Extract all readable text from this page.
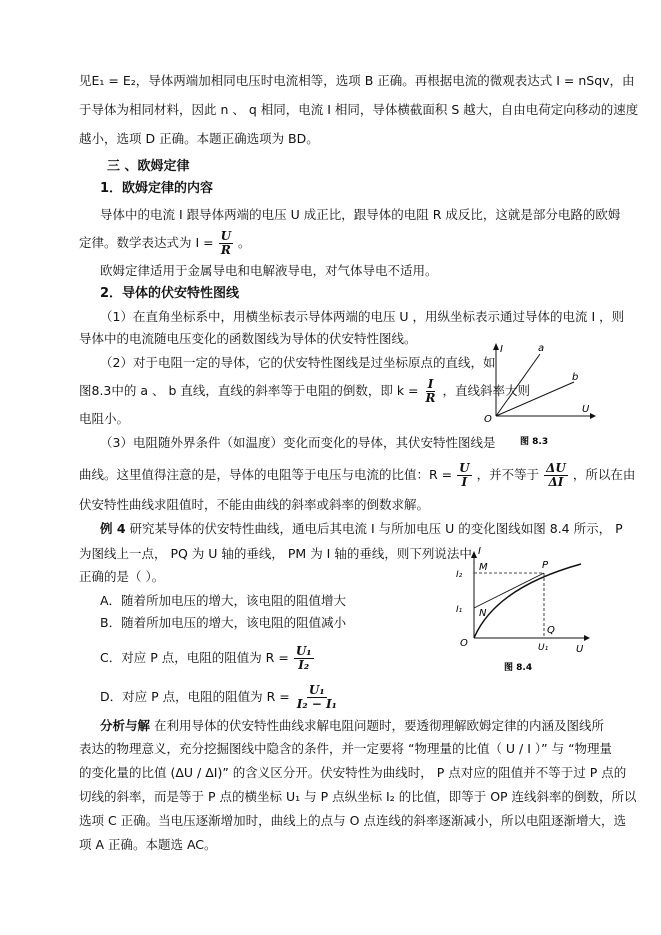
见E₁ = E₂，导体两端加相同电压时电流相等，选项 B 正确。再根据电流的微观表达式 I = nSqv，由
于导体为相同材料，因此 n 、 q 相同，电流 I 相同，导体横截面积 S 越大，自由电荷定向移动的速度
越小，选项 D 正确。本题正确选项为 BD。
三 、欧姆定律
1．欧姆定律的内容
导体中的电流 I 跟导体两端的电压 U 成正比，跟导体的电阻 R 成反比，这就是部分电路的欧姆
定律。数学表达式为 $I = \frac{U}{R}$ 。
欧姆定律适用于金属导电和电解液导电，对气体导电不适用。
2．导体的伏安特性图线
（1）在直角坐标系中，用横坐标表示导体两端的电压 U ，用纵坐标表示通过导体的电流 I ，则
导体中的电流随电压变化的函数图线为导体的伏安特性图线。
（2）对于电阻一定的导体，它的伏安特性图线是过坐标原点的直线，如
图8.3中的 a 、 b 直线，直线的斜率等于电阻的倒数，即 $k = \frac{I}{R}$ ，直线斜率大则
电阻小。
I
U
O
a
b
图 8.3
（3）电阻随外界条件（如温度）变化而变化的导体，其伏安特性图线是
曲线。这里值得注意的是，导体的电阻等于电压与电流的比值：$R = \frac{U}{I}$ ，并不等于 $\frac{\Delta U}{\Delta I}$ ，所以在由
伏安特性曲线求阻值时，不能由曲线的斜率或斜率的倒数求解。
例 4 研究某导体的伏安特性曲线，通电后其电流 I 与所加电压 U 的变化图线如图 8.4 所示， P
为图线上一点， PQ 为 U 轴的垂线， PM 为 I 轴的垂线，则下列说法中
正确的是（ ）。
A．随着所加电压的增大，该电阻的阻值增大
B．随着所加电压的增大，该电阻的阻值减小
C．对应 P 点，电阻的阻值为 $R = \frac{\text{U₁}}{\text{I₂}}$
D．对应 P 点，电阻的阻值为 $R = \frac{\text{U₁}}{\text{I₂ − I₁}}$
I
U
O
M	P
N
Q
I₂
I₁
U₁
图 8.4
分析与解 在利用导体的伏安特性曲线求解电阻问题时，要透彻理解欧姆定律的内涵及图线所
表达的物理意义，充分挖掘图线中隐含的条件，并一定要将 “物理量的比值（ U / I ）” 与 “物理量
的变化量的比值 (ΔU / ΔI)” 的含义区分开。伏安特性为曲线时， P 点对应的阻值并不等于过 P 点的
切线的斜率，而是等于 P 点的横坐标 U₁ 与 P 点纵坐标 I₂ 的比值，即等于 OP 连线斜率的倒数，所以
选项 C 正确。当电压逐渐增加时，曲线上的点与 O 点连线的斜率逐渐减小，所以电阻逐渐增大，选
项 A 正确。本题选 AC。
